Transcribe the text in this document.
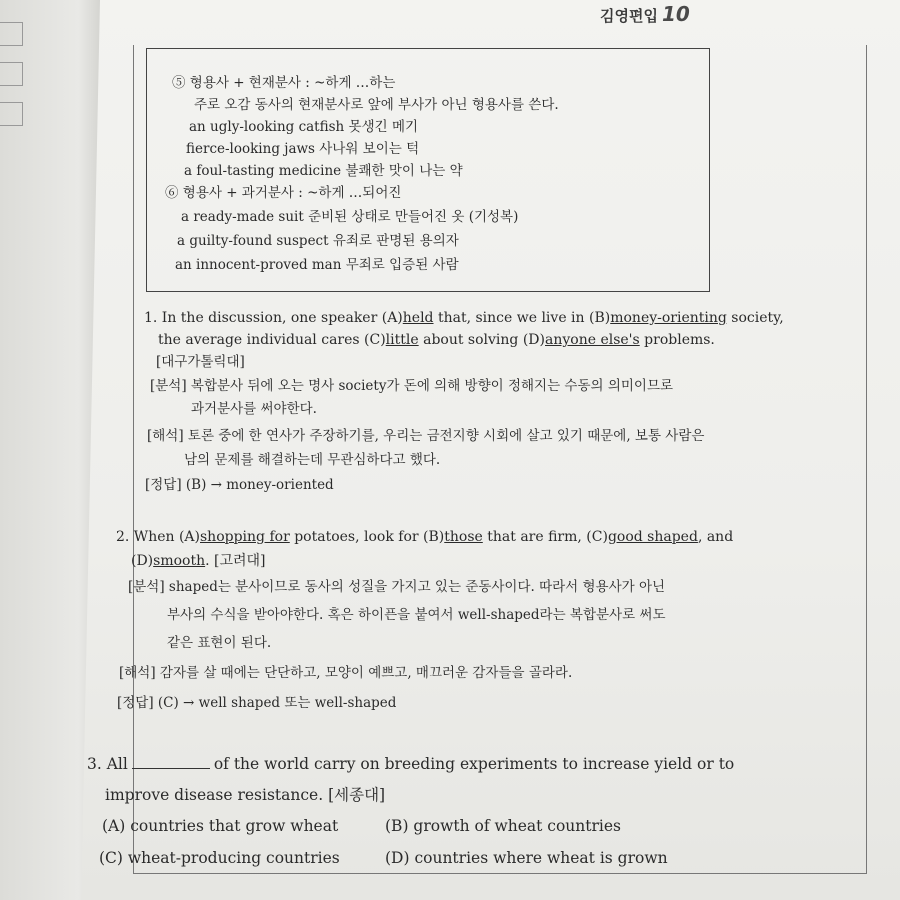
김영편입 10
⑤ 형용사 + 현재분사 : ~하게 …하는
주로 오감 동사의 현재분사로 앞에 부사가 아닌 형용사를 쓴다.
an ugly-looking catfish 못생긴 메기
fierce-looking jaws 사나워 보이는 턱
a foul-tasting medicine 불쾌한 맛이 나는 약
⑥ 형용사 + 과거분사 : ~하게 …되어진
a ready-made suit 준비된 상태로 만들어진 옷 (기성복)
a guilty-found suspect 유죄로 판명된 용의자
an innocent-proved man 무죄로 입증된 사람
1. In the discussion, one speaker (A)held that, since we live in (B)money-orienting society,
the average individual cares (C)little about solving (D)anyone else's problems.
[대구가톨릭대]
[분석] 복합분사 뒤에 오는 명사 society가 돈에 의해 방향이 정해지는 수동의 의미이므로
과거분사를 써야한다.
[해석] 토론 중에 한 연사가 주장하기를, 우리는 금전지향 시회에 살고 있기 때문에, 보통 사람은
남의 문제를 해결하는데 무관심하다고 했다.
[정답] (B) → money-oriented
2. When (A)shopping for potatoes, look for (B)those that are firm, (C)good shaped, and
(D)smooth. [고려대]
[분석] shaped는 분사이므로 동사의 성질을 가지고 있는 준동사이다. 따라서 형용사가 아닌
부사의 수식을 받아야한다. 혹은 하이픈을 붙여서 well-shaped라는 복합분사로 써도
같은 표현이 된다.
[해석] 감자를 살 때에는 단단하고, 모양이 예쁘고, 매끄러운 감자들을 골라라.
[정답] (C) → well shaped 또는 well-shaped
3. All	of the world carry on breeding experiments to increase yield or to
improve disease resistance. [세종대]
(A) countries that grow wheat	(B) growth of wheat countries
(C) wheat-producing countries	(D) countries where wheat is grown
